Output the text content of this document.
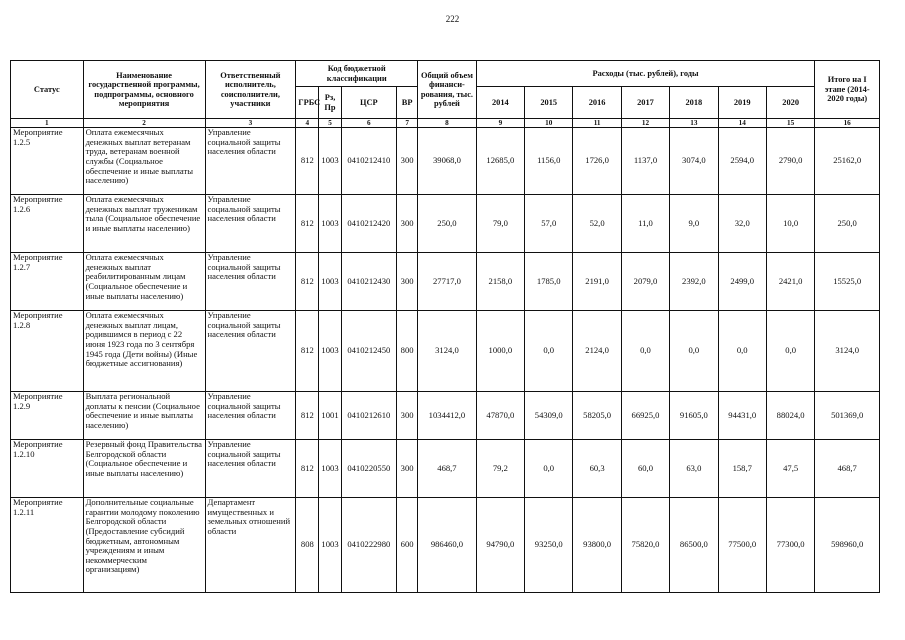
222
Статус	Наименование государственной программы, подпрограммы, основного мероприятия	Ответственный исполнитель, соисполнители, участники	Код бюджетной классификации				Общий объем финанси-рования, тыс. рублей	Расходы (тыс. рублей), годы							Итого на I этапе (2014-2020 годы)
			ГРБС	Рз, Пр	ЦСР	ВР		2014	2015	2016	2017	2018	2019	2020	
1	2	3	4	5	6	7	8	9	10	11	12	13	14	15	16
Мероприятие 1.2.5	Оплата ежемесячных денежных выплат ветеранам труда, ветеранам военной службы (Социальное обеспечение и иные выплаты населению)	Управление социальной защиты населения области	812	1003	0410212410	300	39068,0	12685,0	1156,0	1726,0	1137,0	3074,0	2594,0	2790,0	25162,0
Мероприятие 1.2.6	Оплата ежемесячных денежных выплат труженикам тыла (Социальное обеспечение и иные выплаты населению)	Управление социальной защиты населения области	812	1003	0410212420	300	250,0	79,0	57,0	52,0	11,0	9,0	32,0	10,0	250,0
Мероприятие 1.2.7	Оплата ежемесячных денежных выплат реабилитированным лицам (Социальное обеспечение и иные выплаты населению)	Управление социальной защиты населения области	812	1003	0410212430	300	27717,0	2158,0	1785,0	2191,0	2079,0	2392,0	2499,0	2421,0	15525,0
Мероприятие 1.2.8	Оплата ежемесячных денежных выплат лицам, родившимся в период с 22 июня 1923 года по 3 сентября 1945 года (Дети войны) (Иные бюджетные ассигнования)	Управление социальной защиты населения области	812	1003	0410212450	800	3124,0	1000,0	0,0	2124,0	0,0	0,0	0,0	0,0	3124,0
Мероприятие 1.2.9	Выплата региональной доплаты к пенсии (Социальное обеспечение и иные выплаты населению)	Управление социальной защиты населения области	812	1001	0410212610	300	1034412,0	47870,0	54309,0	58205,0	66925,0	91605,0	94431,0	88024,0	501369,0
Мероприятие 1.2.10	Резервный фонд Правительства Белгородской области (Социальное обеспечение и иные выплаты населению)	Управление социальной защиты населения области	812	1003	0410220550	300	468,7	79,2	0,0	60,3	60,0	63,0	158,7	47,5	468,7
Мероприятие 1.2.11	Дополнительные социальные гарантии молодому поколению Белгородской области (Предоставление субсидий бюджетным, автономным учреждениям и иным некоммерческим организациям)	Департамент имущественных и земельных отношений области	808	1003	0410222980	600	986460,0	94790,0	93250,0	93800,0	75820,0	86500,0	77500,0	77300,0	598960,0
